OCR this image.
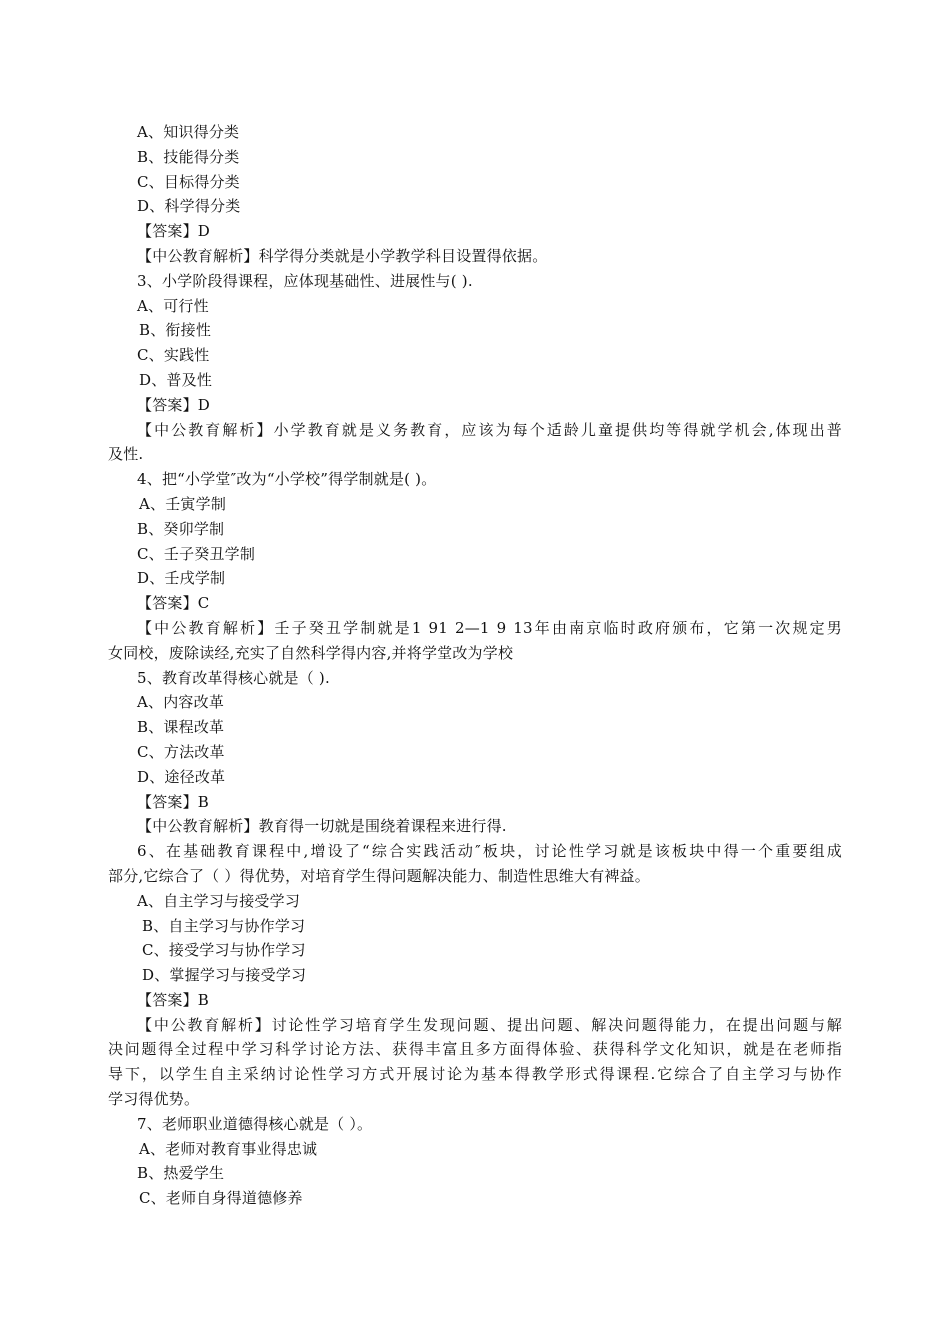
A、知识得分类
B、技能得分类
C、目标得分类
D、科学得分类
【答案】D
【中公教育解析】科学得分类就是小学教学科目设置得依据。
3、小学阶段得课程，应体现基础性、进展性与( ).
A、可行性
B、衔接性
C、实践性
D、普及性
【答案】D
【中公教育解析】小学教育就是义务教育，应该为每个适龄儿童提供均等得就学机会,体现出普
及性.
4、把“小学堂″改为“小学校”得学制就是( )。
A、壬寅学制
B、癸卯学制
C、壬子癸丑学制
D、壬戌学制
【答案】C
【中公教育解析】壬子癸丑学制就是1 91 2—1 9 13年由南京临时政府颁布，它第一次规定男
女同校，废除读经,充实了自然科学得内容,并将学堂改为学校
5、教育改革得核心就是（ ).
A、内容改革
B、课程改革
C、方法改革
D、途径改革
【答案】B
【中公教育解析】教育得一切就是围绕着课程来进行得.
6、在基础教育课程中,增设了“综合实践活动″板块，讨论性学习就是该板块中得一个重要组成
部分,它综合了（ ）得优势，对培育学生得问题解决能力、制造性思维大有裨益。
A、自主学习与接受学习
B、自主学习与协作学习
C、接受学习与协作学习
D、掌握学习与接受学习
【答案】B
【中公教育解析】讨论性学习培育学生发现问题、提出问题、解决问题得能力，在提出问题与解
决问题得全过程中学习科学讨论方法、获得丰富且多方面得体验、获得科学文化知识，就是在老师指
导下，以学生自主采纳讨论性学习方式开展讨论为基本得教学形式得课程.它综合了自主学习与协作
学习得优势。
7、老师职业道德得核心就是（ ）。
A、老师对教育事业得忠诚
B、热爱学生
C、老师自身得道德修养
